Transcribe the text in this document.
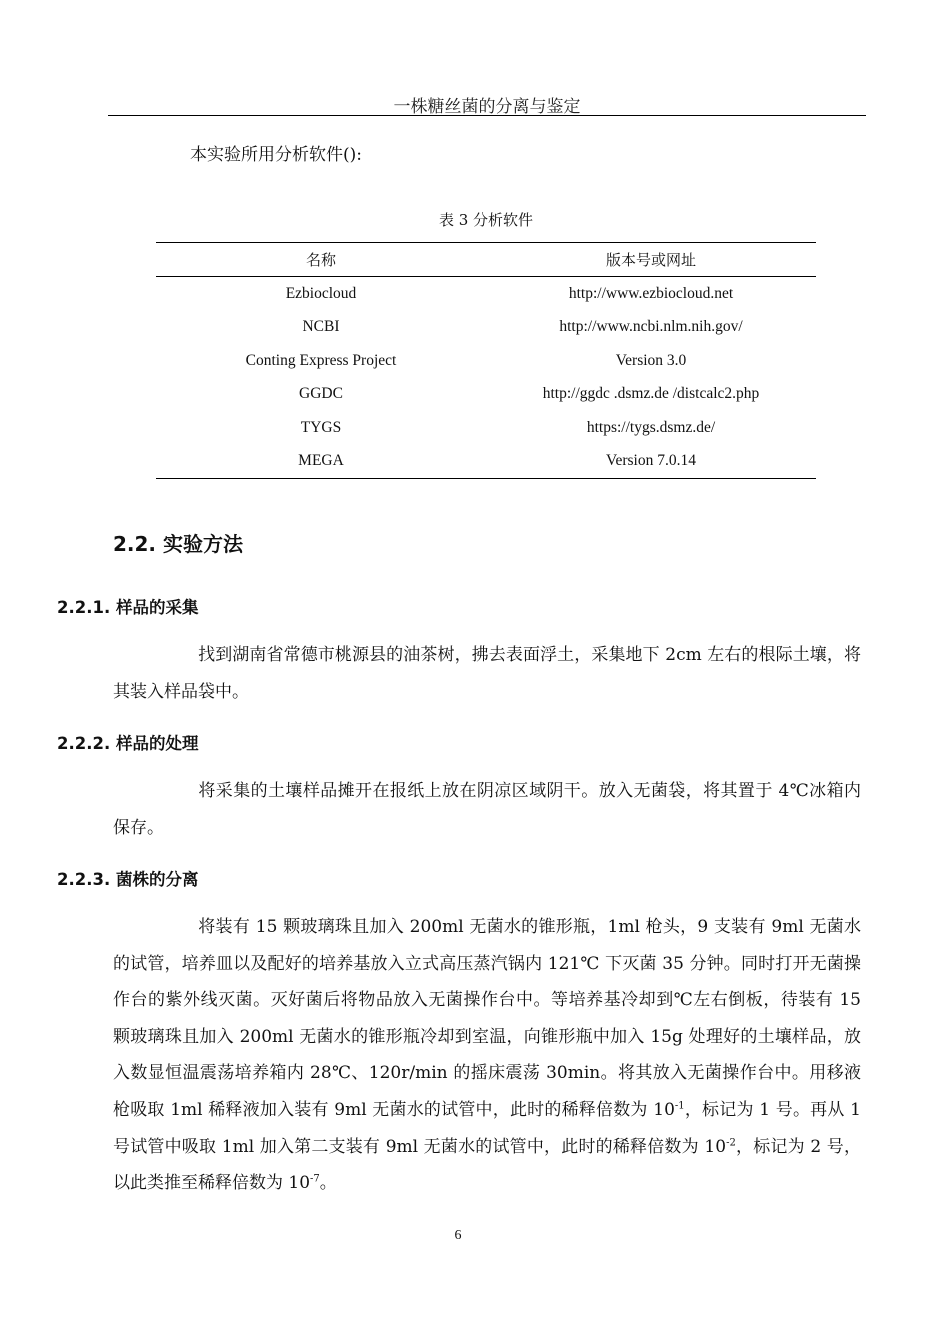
一株糖丝菌的分离与鉴定
本实验所用分析软件():
表 3 分析软件
名称	版本号或网址
Ezbiocloud	http://www.ezbiocloud.net
NCBI	http://www.ncbi.nlm.nih.gov/
Conting Express Project	Version 3.0
GGDC	http://ggdc .dsmz.de /distcalc2.php
TYGS	https://tygs.dsmz.de/
MEGA	Version 7.0.14
2.2. 实验方法
2.2.1. 样品的采集

找到湖南省常德市桃源县的油茶树，拂去表面浮土，采集地下 2cm 左右的根际土壤，将其装入样品袋中。

2.2.2. 样品的处理

将采集的土壤样品摊开在报纸上放在阴凉区域阴干。放入无菌袋，将其置于 4℃冰箱内保存。

2.2.3. 菌株的分离

将装有 15 颗玻璃珠且加入 200ml 无菌水的锥形瓶，1ml 枪头，9 支装有 9ml 无菌水的试管，培养皿以及配好的培养基放入立式高压蒸汽锅内 121℃ 下灭菌 35 分钟。同时打开无菌操作台的紫外线灭菌。灭好菌后将物品放入无菌操作台中。等培养基冷却到℃左右倒板，待装有 15 颗玻璃珠且加入 200ml 无菌水的锥形瓶冷却到室温，向锥形瓶中加入 15g 处理好的土壤样品，放入数显恒温震荡培养箱内 28℃、120r/min 的摇床震荡 30min。将其放入无菌操作台中。用移液枪吸取 1ml 稀释液加入装有 9ml 无菌水的试管中，此时的稀释倍数为 $10^{-1}$，标记为 1 号。再从 1 号试管中吸取 1ml 加入第二支装有 9ml 无菌水的试管中，此时的稀释倍数为 $10^{-2}$，标记为 2 号，以此类推至稀释倍数为 $10^{-7}$。

6
